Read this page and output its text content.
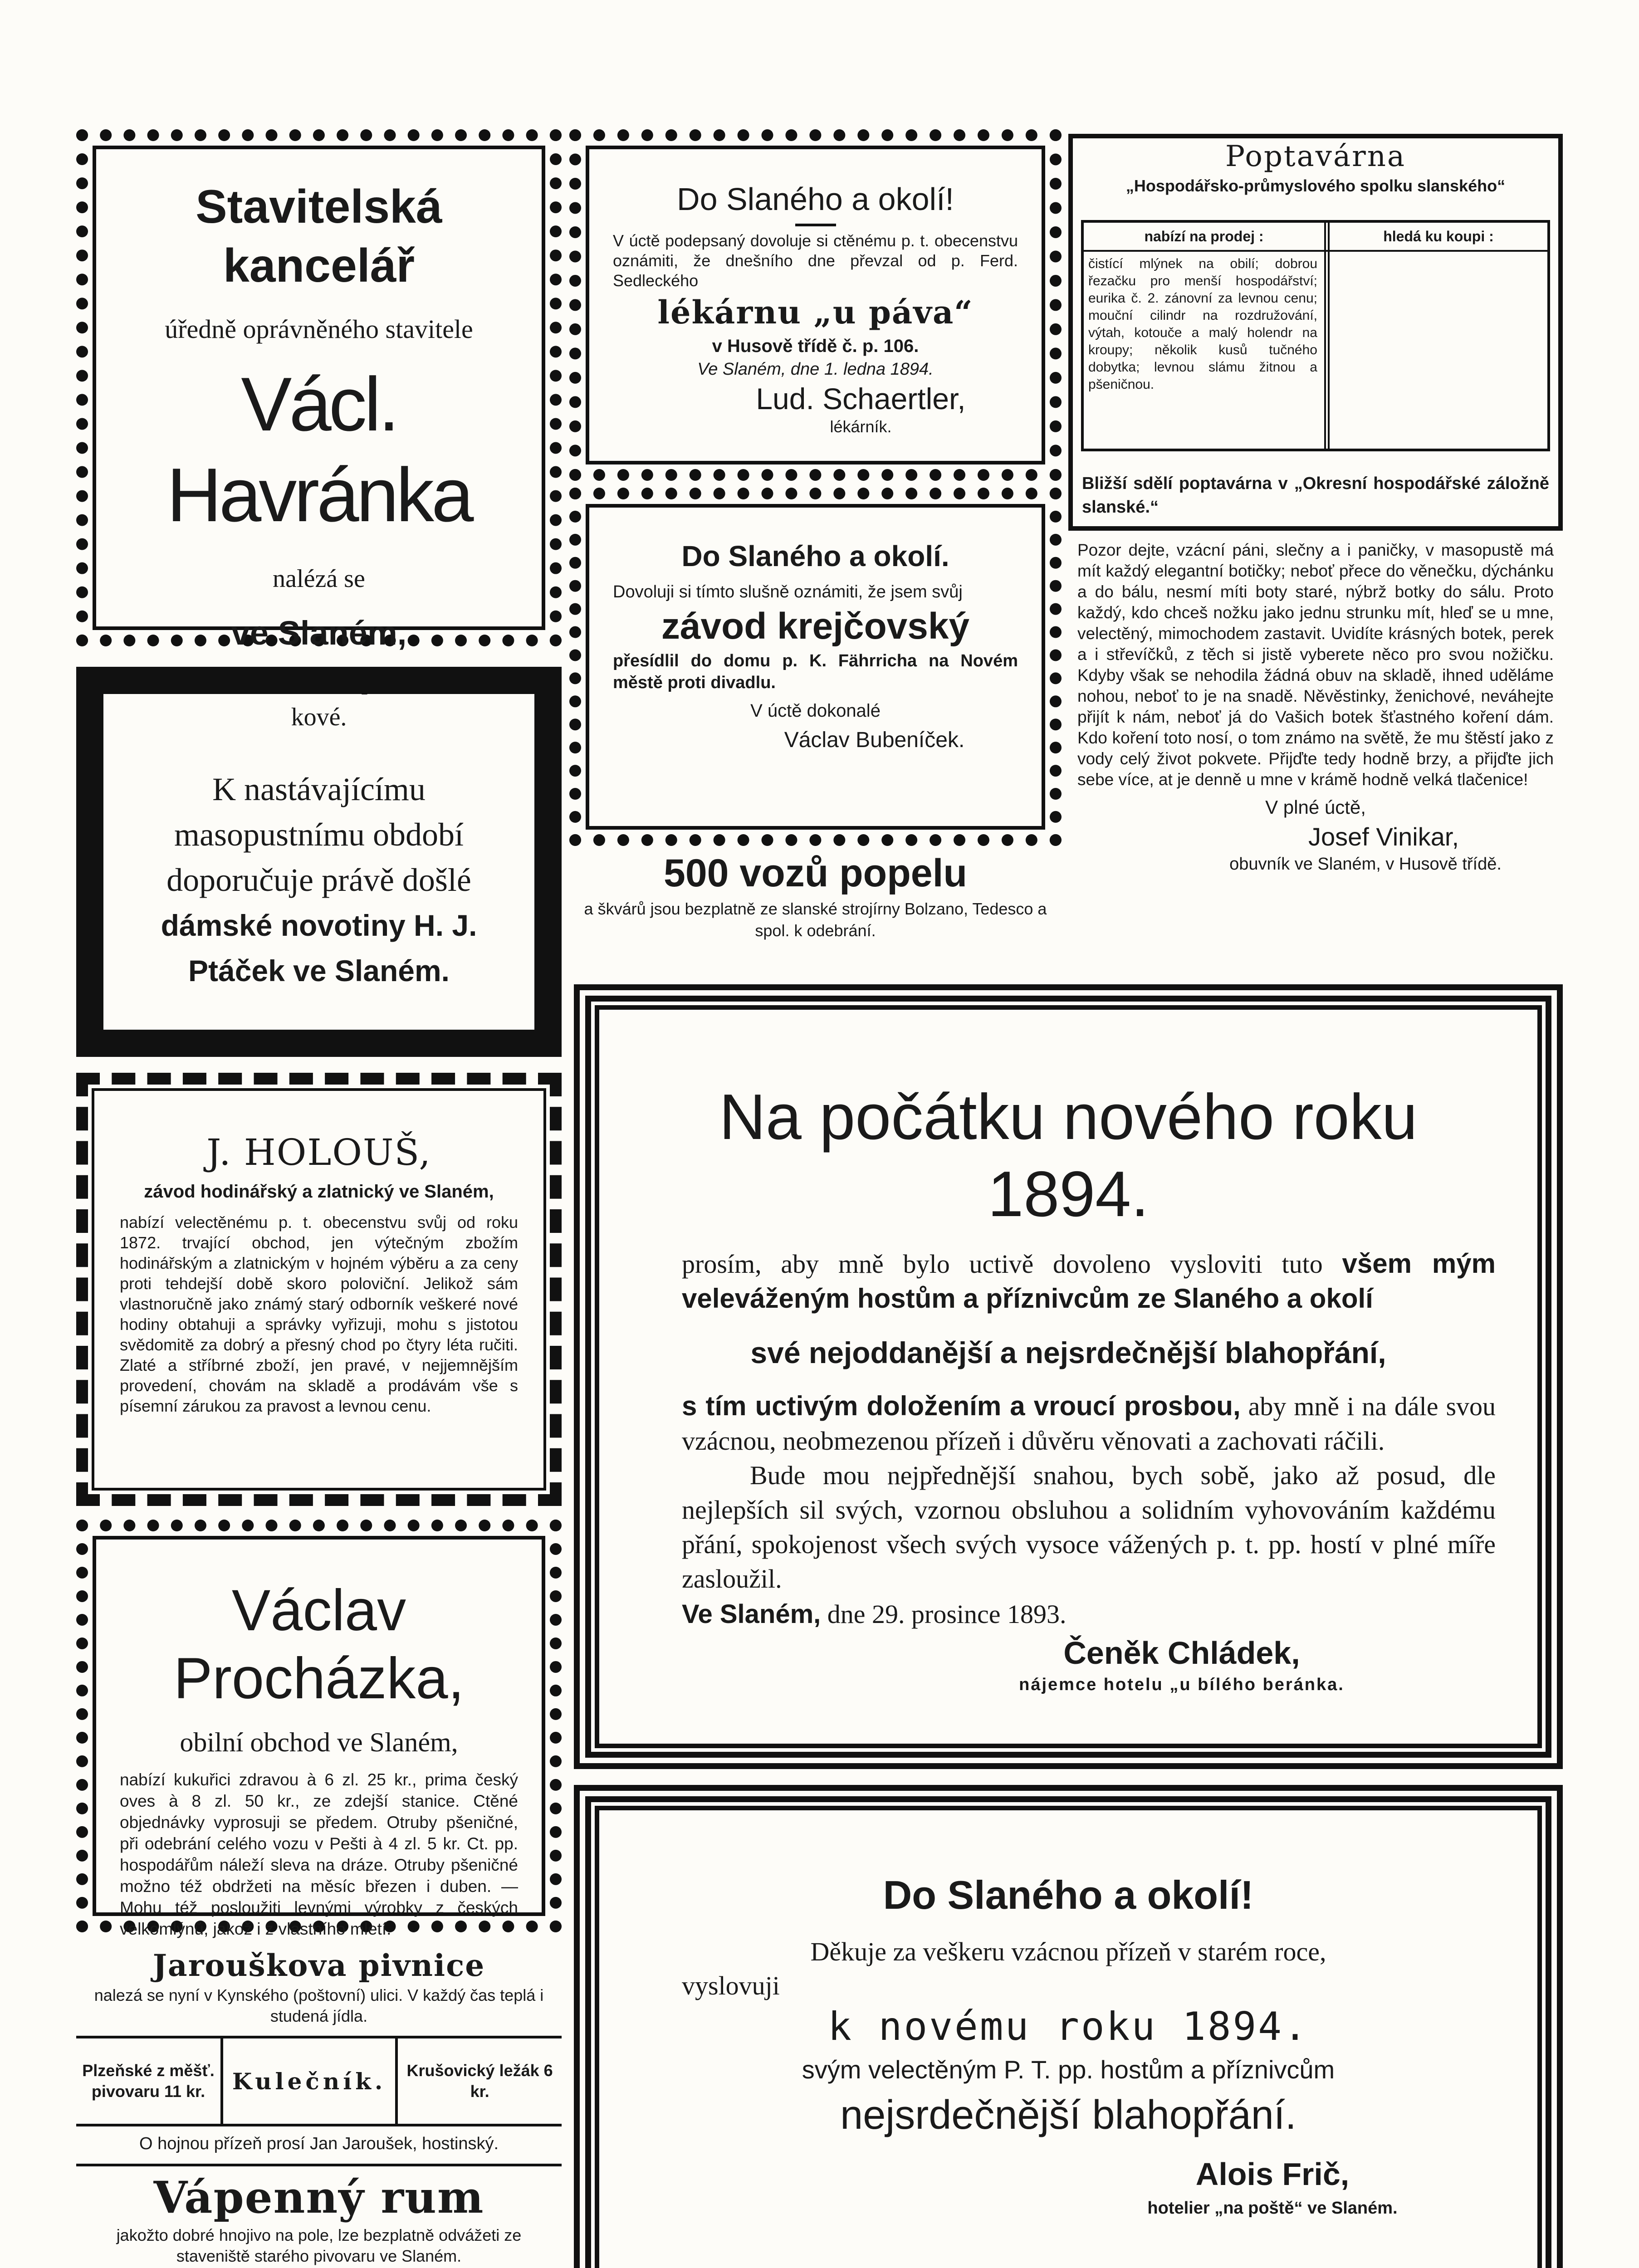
Stavitelská kancelář

úředně oprávněného stavitele

Václ. Havránka

nalézá se

ve Slaném,

na náměstí v domě pí. Zahrád-

kové.

K nastávajícímu

masopustnímu období

doporučuje právě došlé

dámské novotiny H. J.

Ptáček ve Slaném.

J. HOLOUŠ,

závod hodinářský a zlatnický ve Slaném,

nabízí velectěnému p. t. obecenstvu svůj od roku 1872. trvající obchod, jen výtečným zbožím hodinářským a zlatnickým v hojném výběru a za ceny proti tehdejší době skoro poloviční. Jelikož sám vlastnoručně jako známý starý odborník veškeré nové hodiny obtahuji a správky vyřizuji, mohu s jistotou svědomitě za dobrý a přesný chod po čtyry léta ručiti. Zlaté a stříbrné zboží, jen pravé, v nejjemnějším provedení, chovám na skladě a prodávám vše s písemní zárukou za pravost a levnou cenu.

Václav Procházka,

obilní obchod ve Slaném,

nabízí kukuřici zdravou à 6 zl. 25 kr., prima český oves à 8 zl. 50 kr., ze zdejší stanice. Ctěné objednávky vyprosuji se předem. Otruby pšeničné, při odebrání celého vozu v Pešti à 4 zl. 5 kr. Ct. pp. hospodářům náleží sleva na dráze. Otruby pšeničné možno též obdržeti na měsíc březen i duben. — Mohu též posloužiti levnými výrobky z českých velkomlýnů, jakož i z vlastního mletí.

Jarouškova pivnice

nalezá se nyní v Kynského (poštovní) ulici. V každý čas teplá i studená jídla.

Plzeňské z měšť. pivovaru 11 kr.	Kulečník.	Krušovický ležák 6 kr.

O hojnou přízeň prosí Jan Jaroušek, hostinský.

Vápenný rum

jakožto dobré hnojivo na pole, lze bezplatně odvážeti ze staveniště starého pivovaru ve Slaném.

Do Slaného a okolí!

V úctě podepsaný dovoluje si ctěnému p. t. obecenstvu oznámiti, že dnešního dne převzal od p. Ferd. Sedleckého

lékárnu „u páva“

v Husově třídě č. p. 106.

Ve Slaném, dne 1. ledna 1894.

Lud. Schaertler,

lékárník.

Do Slaného a okolí.

Dovoluji si tímto slušně oznámiti, že jsem svůj

závod krejčovský

přesídlil do domu p. K. Fährricha na Novém městě proti divadlu.

V úctě dokonalé

Václav Bubeníček.

500 vozů popelu

a škvárů jsou bezplatně ze slanské strojírny Bolzano, Tedesco a spol. k odebrání.

Poptavárna

„Hospodářsko-průmyslového spolku slanského“

nabízí na prodej :	hledá ku koupi :

čistící mlýnek na obilí; dobrou řezačku pro menší hospodářství; eurika č. 2. zánovní za levnou cenu; mouční cilindr na rozdružování, výtah, kotouče a malý holendr na kroupy; několik kusů tučného dobytka; levnou slámu žitnou a pšeničnou.

Bližší sdělí poptavárna v „Okresní hospodářské záložně slanské.“

Pozor dejte, vzácní páni, slečny a i paničky, v masopustě má mít každý elegantní botičky; neboť přece do věnečku, dýchánku a do bálu, nesmí míti boty staré, nýbrž botky do sálu. Proto každý, kdo chceš nožku jako jednu strunku mít, hleď se u mne, velectěný, mimochodem zastavit. Uvidíte krásných botek, perek a i střevíčků, z těch si jistě vyberete něco pro svou nožičku. Kdyby však se nehodila žádná obuv na skladě, ihned uděláme nohou, neboť to je na snadě. Něvěstinky, ženichové, neváhejte přijít k nám, neboť já do Vašich botek šťastného koření dám. Kdo koření toto nosí, o tom známo na světě, že mu štěstí jako z vody celý život pokvete. Přijďte tedy hodně brzy, a přijďte jich sebe více, at je denně u mne v krámě hodně velká tlačenice!

V plné úctě,

Josef Vinikar,

obuvník ve Slaném, v Husově třídě.

Na počátku nového roku 1894.

prosím, aby mně bylo uctivě dovoleno vysloviti tuto všem mým veleváženým hostům a příznivcům ze Slaného a okolí

své nejoddanější a nejsrdečnější blahopřání,

s tím uctivým doložením a vroucí prosbou, aby mně i na dále svou vzácnou, neobmezenou přízeň i důvěru věnovati a zachovati ráčili.

Bude mou nejpřednější snahou, bych sobě, jako až posud, dle nejlepších sil svých, vzornou obsluhou a solidním vyhovováním každému přání, spokojenost všech svých vysoce vážených p. t. pp. hostí v plné míře zasloužil.

Ve Slaném, dne 29. prosince 1893.

Čeněk Chládek,

nájemce hotelu „u bílého beránka.

Do Slaného a okolí!

Děkuje za veškeru vzácnou přízeň v starém roce,

vyslovuji

k novému roku 1894.

svým velectěným P. T. pp. hostům a příznivcům

nejsrdečnější blahopřání.

Alois Frič,

hotelier „na poště“ ve Slaném.
